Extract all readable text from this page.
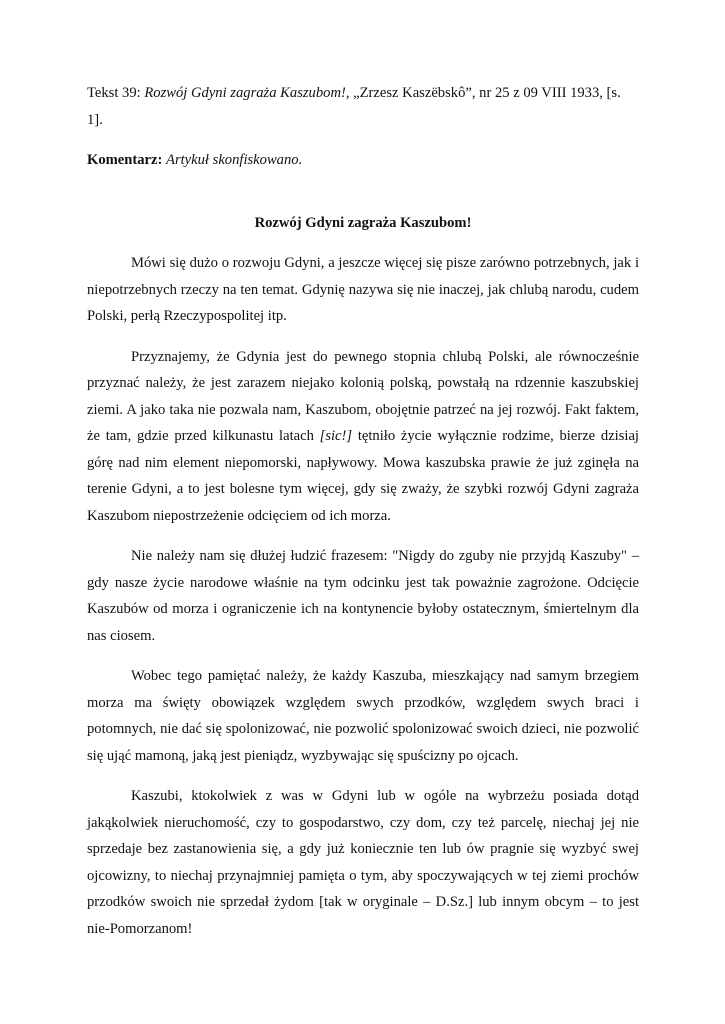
Tekst 39: Rozwój Gdyni zagraża Kaszubom!, „Zrzesz Kaszëbskô”, nr 25 z 09 VIII 1933, [s. 1].

Komentarz: Artykuł skonfiskowano.

Rozwój Gdyni zagraża Kaszubom!

Mówi się dużo o rozwoju Gdyni, a jeszcze więcej się pisze zarówno potrzebnych, jak i niepotrzebnych rzeczy na ten temat. Gdynię nazywa się nie inaczej, jak chlubą narodu, cudem Polski, perłą Rzeczypospolitej itp.

Przyznajemy, że Gdynia jest do pewnego stopnia chlubą Polski, ale równocześnie przyznać należy, że jest zarazem niejako kolonią polską, powstałą na rdzennie kaszubskiej ziemi. A jako taka nie pozwala nam, Kaszubom, obojętnie patrzeć na jej rozwój. Fakt faktem, że tam, gdzie przed kilkunastu latach [sic!] tętniło życie wyłącznie rodzime, bierze dzisiaj górę nad nim element niepomorski, napływowy. Mowa kaszubska prawie że już zginęła na terenie Gdyni, a to jest bolesne tym więcej, gdy się zważy, że szybki rozwój Gdyni zagraża Kaszubom niepostrzeżenie odcięciem od ich morza.

Nie należy nam się dłużej łudzić frazesem: "Nigdy do zguby nie przyjdą Kaszuby" – gdy nasze życie narodowe właśnie na tym odcinku jest tak poważnie zagrożone. Odcięcie Kaszubów od morza i ograniczenie ich na kontynencie byłoby ostatecznym, śmiertelnym dla nas ciosem.

Wobec tego pamiętać należy, że każdy Kaszuba, mieszkający nad samym brzegiem morza ma święty obowiązek względem swych przodków, względem swych braci i potomnych, nie dać się spolonizować, nie pozwolić spolonizować swoich dzieci, nie pozwolić się ująć mamoną, jaką jest pieniądz, wyzbywając się spuścizny po ojcach.

Kaszubi, ktokolwiek z was w Gdyni lub w ogóle na wybrzeżu posiada dotąd jakąkolwiek nieruchomość, czy to gospodarstwo, czy dom, czy też parcelę, niechaj jej nie sprzedaje bez zastanowienia się, a gdy już koniecznie ten lub ów pragnie się wyzbyć swej ojcowizny, to niechaj przynajmniej pamięta o tym, aby spoczywających w tej ziemi prochów przodków swoich nie sprzedał żydom [tak w oryginale – D.Sz.] lub innym obcym – to jest nie-Pomorzanom!
